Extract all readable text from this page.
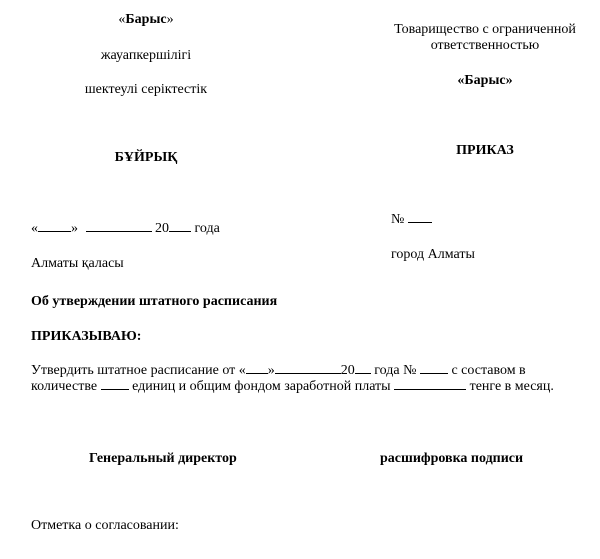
«Барыс»
жауапкершілігі
шектеулі серіктестік
Товарищество с ограниченной
ответственностью
«Барыс»
БҰЙРЫҚ	ПРИКАЗ
« »	20 года
№
Алматы қаласы
город Алматы
Об утверждении штатного расписания
ПРИКАЗЫВАЮ:
Утвердить штатное расписание от « »	20 года №	с составом в
количестве	единиц и общим фондом заработной платы	тенге в месяц.
Генеральный директор	расшифровка подписи
Отметка о согласовании:
